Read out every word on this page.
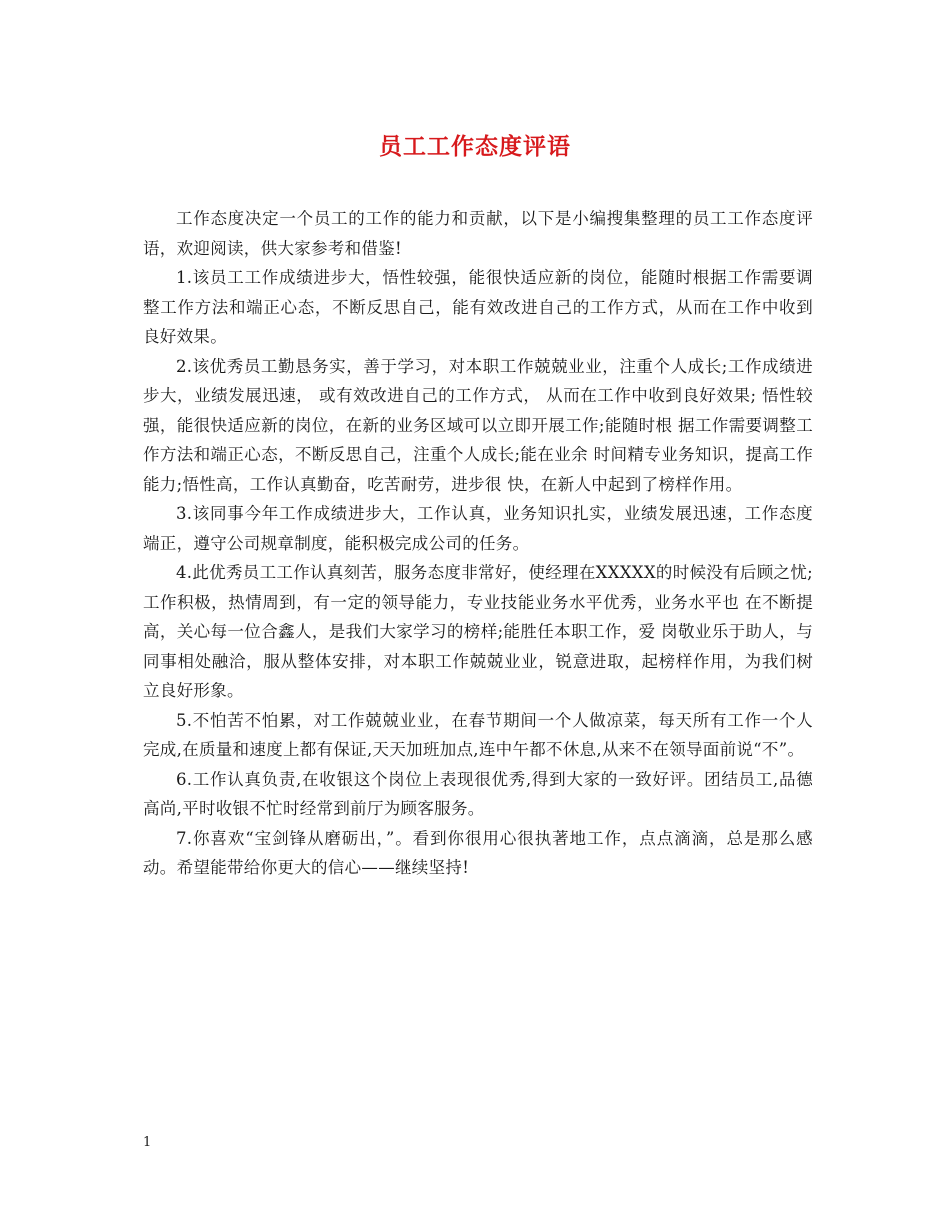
员工工作态度评语

工作态度决定一个员工的工作的能力和贡献，以下是小编搜集整理的员工工作态度评语，欢迎阅读，供大家参考和借鉴!

1.该员工工作成绩进步大，悟性较强，能很快适应新的岗位，能随时根据工作需要调整工作方法和端正心态，不断反思自己，能有效改进自己的工作方式，从而在工作中收到良好效果。

2.该优秀员工勤恳务实，善于学习，对本职工作兢兢业业，注重个人成长;工作成绩进 步大，业绩发展迅速， 或有效改进自己的工作方式， 从而在工作中收到良好效果; 悟性较强，能很快适应新的岗位，在新的业务区域可以立即开展工作;能随时根 据工作需要调整工作方法和端正心态，不断反思自己，注重个人成长;能在业余 时间精专业务知识，提高工作能力;悟性高，工作认真勤奋，吃苦耐劳，进步很 快，在新人中起到了榜样作用。

3.该同事今年工作成绩进步大，工作认真，业务知识扎实，业绩发展迅速，工作态度端正，遵守公司规章制度，能积极完成公司的任务。

4.此优秀员工工作认真刻苦，服务态度非常好，使经理在XXXXX的时候没有后顾之忧;工作积极，热情周到，有一定的领导能力，专业技能业务水平优秀，业务水平也 在不断提高，关心每一位合鑫人，是我们大家学习的榜样;能胜任本职工作，爱 岗敬业乐于助人，与同事相处融洽，服从整体安排，对本职工作兢兢业业，锐意进取，起榜样作用，为我们树立良好形象。

5.不怕苦不怕累，对工作兢兢业业，在春节期间一个人做凉菜，每天所有工作一个人完成,在质量和速度上都有保证,天天加班加点,连中午都不休息,从来不在领导面前说“不”。

6.工作认真负责,在收银这个岗位上表现很优秀,得到大家的一致好评。团结员工,品德高尚,平时收银不忙时经常到前厅为顾客服务。

7.你喜欢“宝剑锋从磨砺出，”。看到你很用心很执著地工作，点点滴滴，总是那么感动。希望能带给你更大的信心——继续坚持!

1
